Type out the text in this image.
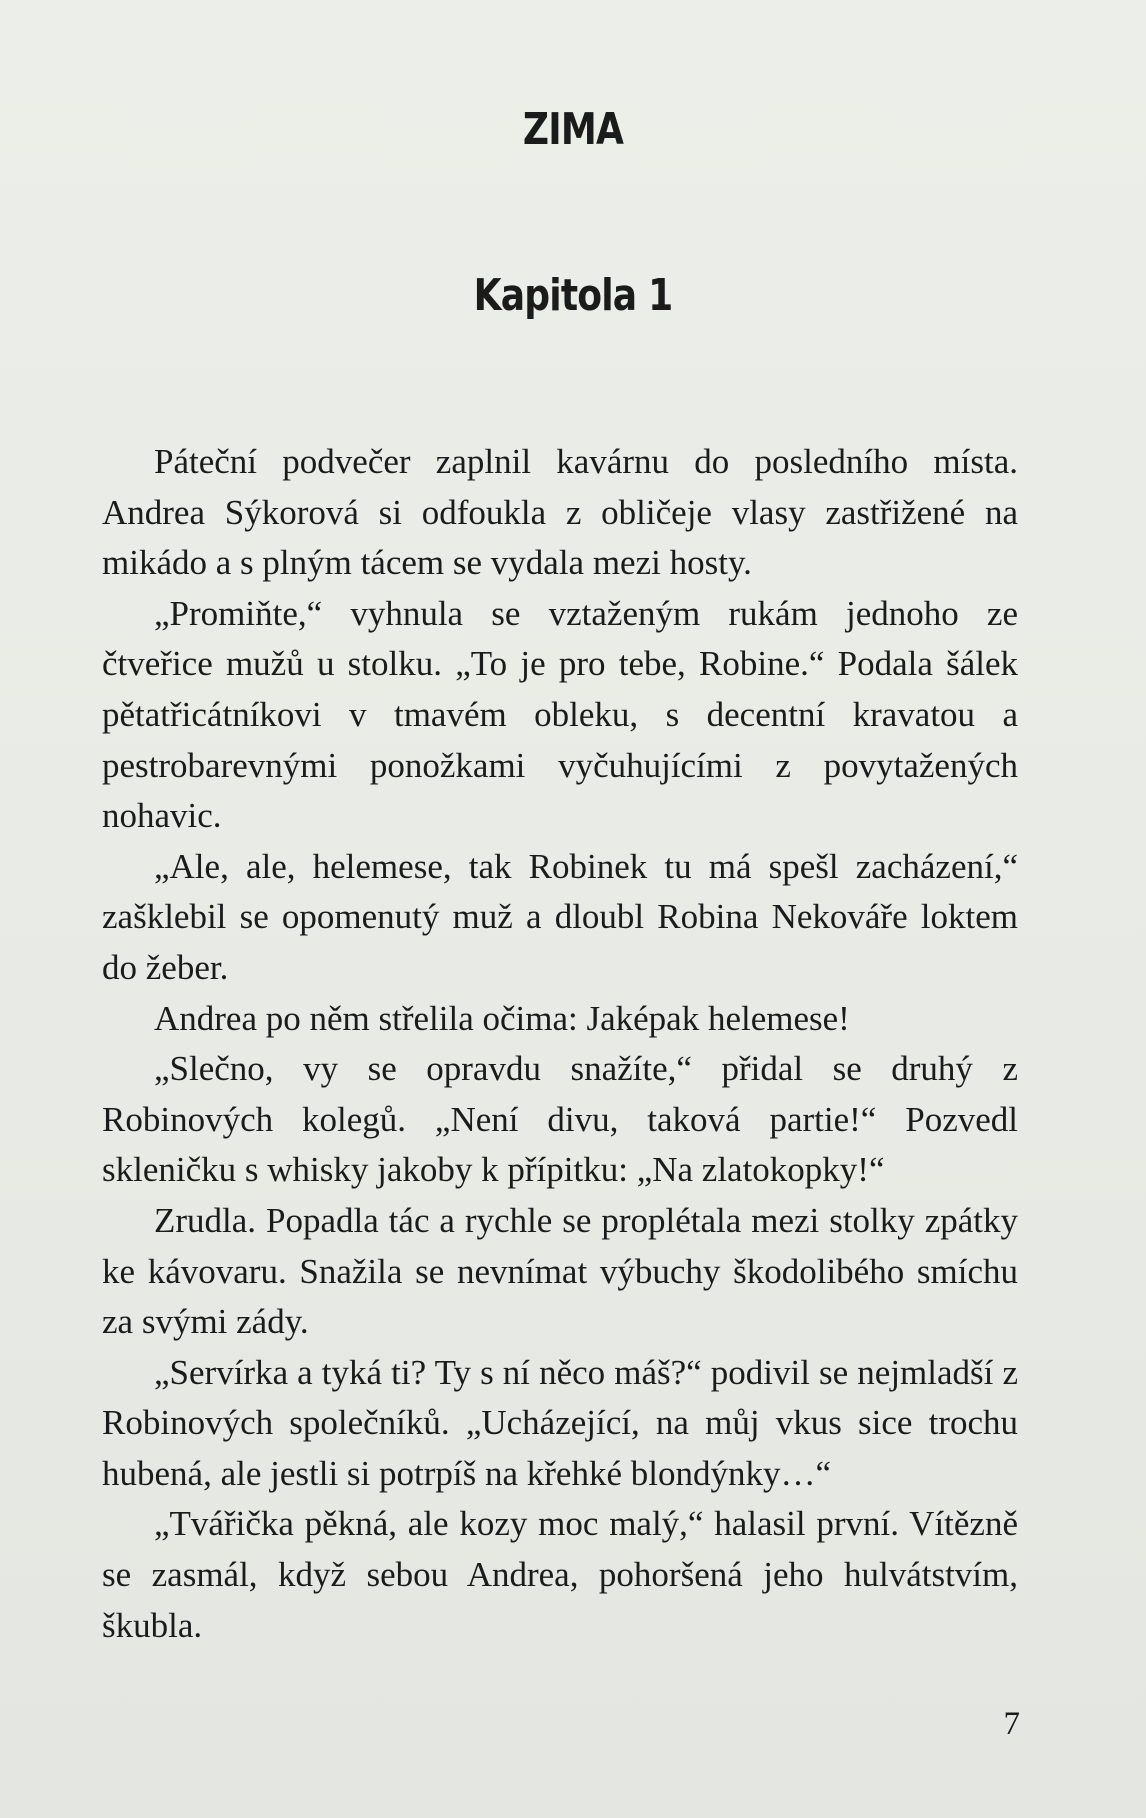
ZIMA
Kapitola 1

Páteční podvečer zaplnil kavárnu do posledního místa. Andrea Sýkorová si odfoukla z obličeje vlasy zastřižené na mikádo a s plným tácem se vydala mezi hosty.

„Promiňte,“ vyhnula se vztaženým rukám jednoho ze čtveřice mužů u stolku. „To je pro tebe, Robine.“ Podala šálek pětatřicátníkovi v tmavém obleku, s decentní kravatou a pestrobarevnými ponožkami vyčuhujícími z povytažených nohavic.

„Ale, ale, helemese, tak Robinek tu má spešl zacházení,“ zašklebil se opomenutý muž a dloubl Robina Nekováře loktem do žeber.

Andrea po něm střelila očima: Jaképak helemese!

„Slečno, vy se opravdu snažíte,“ přidal se druhý z Robinových kolegů. „Není divu, taková partie!“ Pozvedl skleničku s whisky jakoby k přípitku: „Na zlatokopky!“

Zrudla. Popadla tác a rychle se proplétala mezi stolky zpátky ke kávovaru. Snažila se nevnímat výbuchy škodolibého smíchu za svými zády.

„Servírka a tyká ti? Ty s ní něco máš?“ podivil se nejmladší z Robinových společníků. „Ucházející, na můj vkus sice trochu hubená, ale jestli si potrpíš na křehké blondýnky…“

„Tvářička pěkná, ale kozy moc malý,“ halasil první. Vítězně se zasmál, když sebou Andrea, pohoršená jeho hulvátstvím, škubla.

7
